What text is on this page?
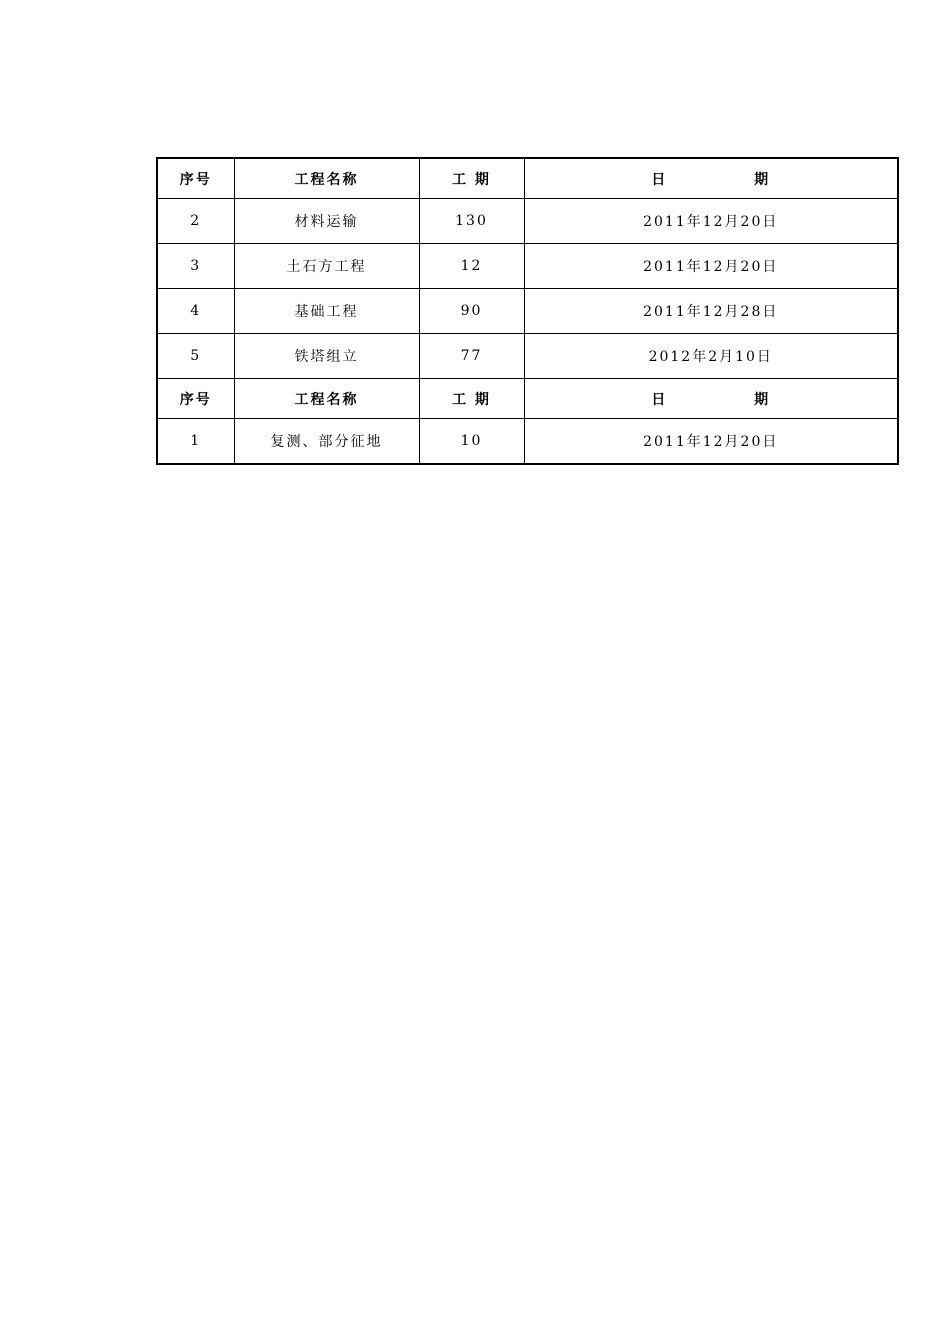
序号	工程名称	工 期	日 期
2	材料运输	130	2011年12月20日
3	土石方工程	12	2011年12月20日
4	基础工程	90	2011年12月28日
5	铁塔组立	77	2012年2月10日
序号	工程名称	工 期	日 期
1	复测、部分征地	10	2011年12月20日
